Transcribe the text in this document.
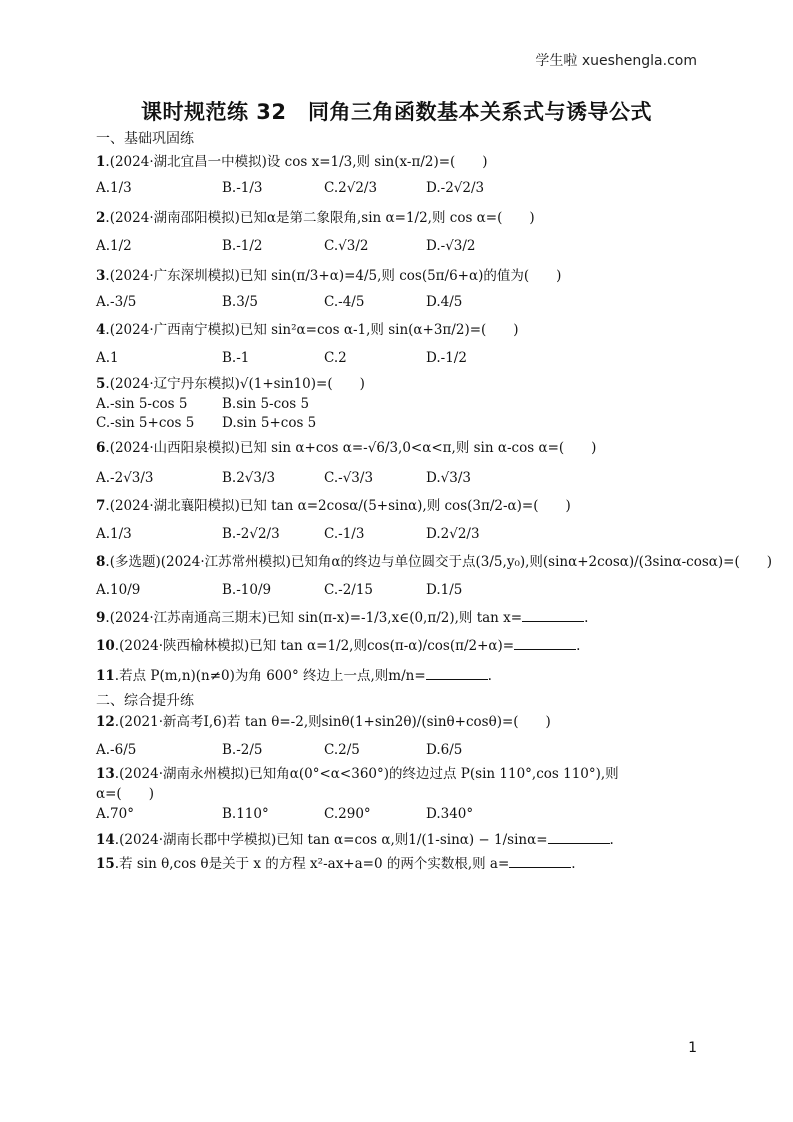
学生啦 xueshengla.com
课时规范练 32　同角三角函数基本关系式与诱导公式
一、基础巩固练
1.(2024·湖北宜昌一中模拟)设 cos x=1/3,则 sin(x-π/2)=(　　)
A.1/3	B.-1/3	C.2√2/3	D.-2√2/3
2.(2024·湖南邵阳模拟)已知α是第二象限角,sin α=1/2,则 cos α=(　　)
A.1/2	B.-1/2	C.√3/2	D.-√3/2
3.(2024·广东深圳模拟)已知 sin(π/3+α)=4/5,则 cos(5π/6+α)的值为(　　)
A.-3/5	B.3/5	C.-4/5	D.4/5
4.(2024·广西南宁模拟)已知 sin²α=cos α-1,则 sin(α+3π/2)=(　　)
A.1	B.-1	C.2	D.-1/2
5.(2024·辽宁丹东模拟)√(1+sin10)=(　　)
A.-sin 5-cos 5	B.sin 5-cos 5
C.-sin 5+cos 5 D.sin 5+cos 5
6.(2024·山西阳泉模拟)已知 sin α+cos α=-√6/3,0<α<π,则 sin α-cos α=(　　)
A.-2√3/3	B.2√3/3	C.-√3/3	D.√3/3
7.(2024·湖北襄阳模拟)已知 tan α=2cosα/(5+sinα),则 cos(3π/2-α)=(　　)
A.1/3	B.-2√2/3	C.-1/3	D.2√2/3
8.(多选题)(2024·江苏常州模拟)已知角α的终边与单位圆交于点(3/5,y₀),则(sinα+2cosα)/(3sinα-cosα)=(　　)
A.10/9	B.-10/9	C.-2/15	D.1/5
9.(2024·江苏南通高三期末)已知 sin(π-x)=-1/3,x∈(0,π/2),则 tan x=	.
10.(2024·陕西榆林模拟)已知 tan α=1/2,则cos(π-α)/cos(π/2+α)=	.
11.若点 P(m,n)(n≠0)为角 600° 终边上一点,则m/n=	.
二、综合提升练
12.(2021·新高考Ⅰ,6)若 tan θ=-2,则sinθ(1+sin2θ)/(sinθ+cosθ)=(　　)
A.-6/5	B.-2/5	C.2/5	D.6/5
13.(2024·湖南永州模拟)已知角α(0°<α<360°)的终边过点 P(sin 110°,cos 110°),则
α=(　　)
A.70°	B.110°	C.290°	D.340°
14.(2024·湖南长郡中学模拟)已知 tan α=cos α,则1/(1-sinα) − 1/sinα=	.
15.若 sin θ,cos θ是关于 x 的方程 x²-ax+a=0 的两个实数根,则 a=	.
1
